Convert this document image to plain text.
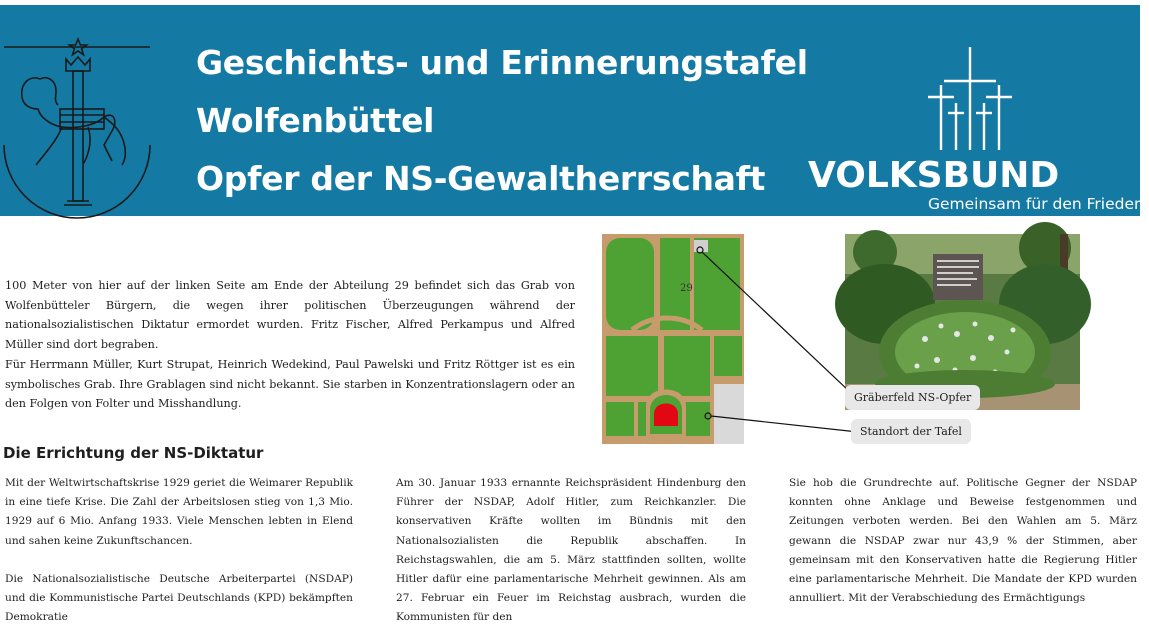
Geschichts- und Erinnerungstafel
Wolfenbüttel
Opfer der NS-Gewaltherrschaft VOLKSBUND
Gemeinsam für den Frieden.

100 Meter von hier auf der linken Seite am Ende der Abteilung 29 befindet sich das Grab von Wolfenbütteler Bürgern, die wegen ihrer politischen Überzeugungen während der nationalsozialistischen Diktatur ermordet wurden. Fritz Fischer, Alfred Perkampus und Alfred Müller sind dort begraben.

Für Herrmann Müller, Kurt Strupat, Heinrich Wedekind, Paul Pawelski und Fritz Röttger ist es ein symbolisches Grab. Ihre Grablagen sind nicht bekannt. Sie starben in Konzentrationslagern oder an den Folgen von Folter und Misshandlung.

29
Gräberfeld NS-Opfer
Standort der Tafel
Die Errichtung der NS-Diktatur
Mit der Weltwirtschaftskrise 1929 geriet die Weimarer Republik in eine tiefe Krise. Die Zahl der Arbeitslosen stieg von 1,3 Mio. 1929 auf 6 Mio. Anfang 1933. Viele Menschen lebten in Elend und sahen keine Zukunftschancen.
Die Nationalsozialistische Deutsche Arbeiterpartei (NSDAP) und die Kommunistische Partei Deutschlands (KPD) bekämpften Demokratie
Am 30. Januar 1933 ernannte Reichspräsident Hindenburg den Führer der NSDAP, Adolf Hitler, zum Reichkanzler. Die konservativen Kräfte wollten im Bündnis mit den Nationalsozialisten die Republik abschaffen. In Reichstagswahlen, die am 5. März stattfinden sollten, wollte Hitler dafür eine parlamentarische Mehrheit gewinnen. Als am 27. Februar ein Feuer im Reichstag ausbrach, wurden die Kommunisten für den
Sie hob die Grundrechte auf. Politische Gegner der NSDAP konnten ohne Anklage und Beweise festgenommen und Zeitungen verboten werden. Bei den Wahlen am 5. März gewann die NSDAP zwar nur 43,9 % der Stimmen, aber gemeinsam mit den Konservativen hatte die Regierung Hitler eine parlamentarische Mehrheit. Die Mandate der KPD wurden annulliert. Mit der Verabschiedung des Ermächtigungs
